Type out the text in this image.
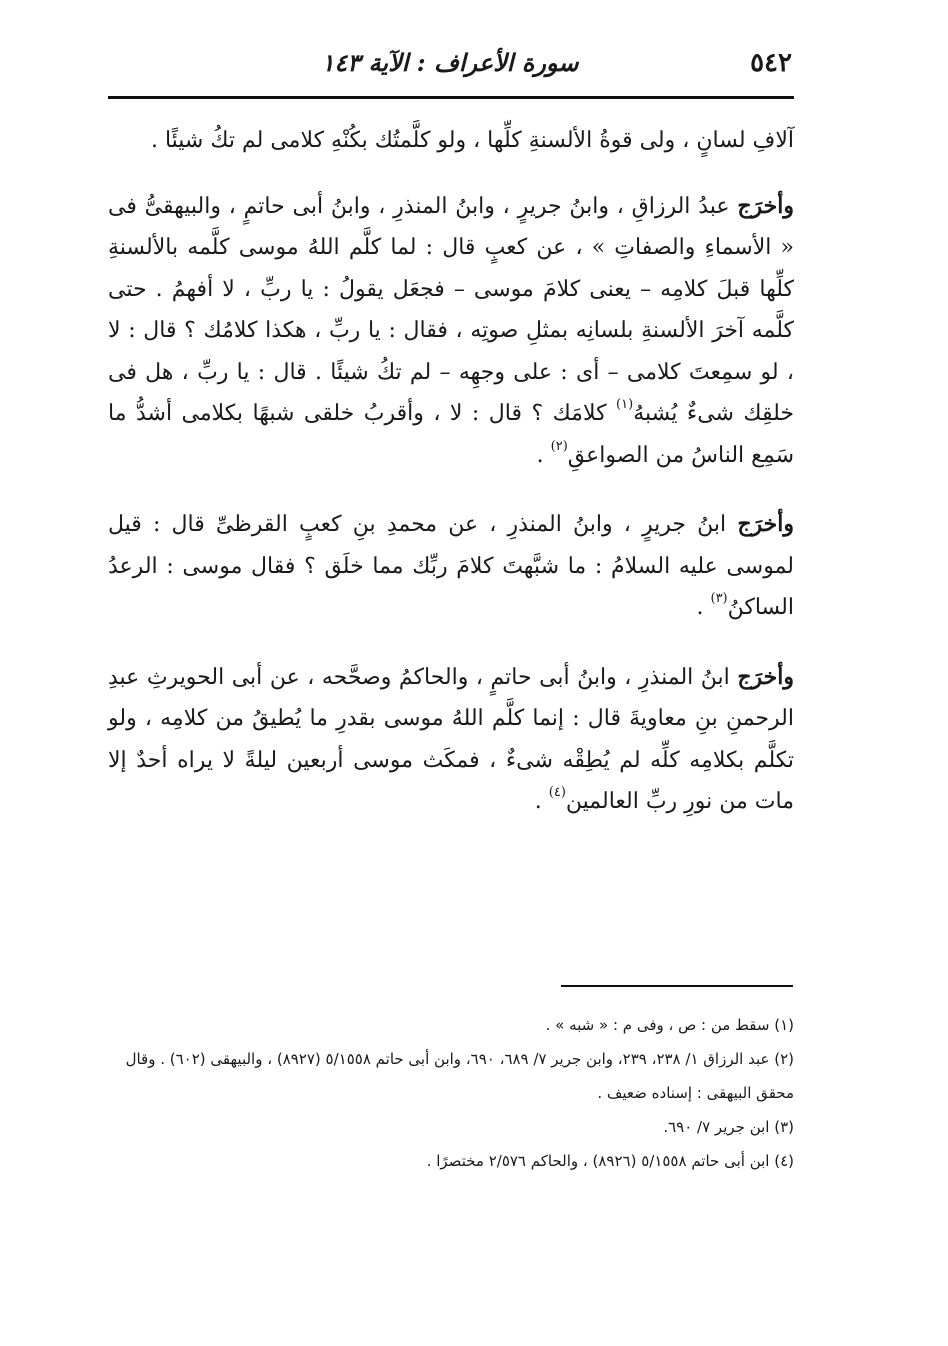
٥٤٢
سورة الأعراف : الآية ١٤٣

آلافِ لسانٍ ، ولى قوةُ الألسنةِ كلِّها ، ولو كلَّمتُك بكُنْهِ كلامى لم تكُ شيئًا .

وأخرَج عبدُ الرزاقِ ، وابنُ جريرٍ ، وابنُ المنذرِ ، وابنُ أبى حاتمٍ ، والبيهقىُّ فى « الأسماءِ والصفاتِ » ، عن كعبٍ قال : لما كلَّم اللهُ موسى كلَّمه بالألسنةِ كلِّها قبلَ كلامِه – يعنى كلامَ موسى – فجعَل يقولُ : يا ربِّ ، لا أفهمُ . حتى كلَّمه آخرَ الألسنةِ بلسانِه بمثلِ صوتِه ، فقال : يا ربِّ ، هكذا كلامُك ؟ قال : لا ، لو سمِعتَ كلامى – أى : على وجهِه – لم تكُ شيئًا . قال : يا ربِّ ، هل فى خلقِك شىءٌ يُشبهُ$^{(١)}$ كلامَك ؟ قال : لا ، وأقربُ خلقى شبهًا بكلامى أشدُّ ما سَمِع الناسُ من الصواعقِ$^{(٢)}$ .

وأخرَج ابنُ جريرٍ ، وابنُ المنذرِ ، عن محمدِ بنِ كعبٍ القرظىِّ قال : قيل لموسى عليه السلامُ : ما شبَّهتَ كلامَ ربِّك مما خلَق ؟ فقال موسى : الرعدُ الساكنُ$^{(٣)}$ .

وأخرَج ابنُ المنذرِ ، وابنُ أبى حاتمٍ ، والحاكمُ وصحَّحه ، عن أبى الحويرثِ عبدِ الرحمنِ بنِ معاويةَ قال : إنما كلَّم اللهُ موسى بقدرِ ما يُطيقُ من كلامِه ، ولو تكلَّم بكلامِه كلِّه لم يُطِقْه شىءٌ ، فمكَث موسى أربعين ليلةً لا يراه أحدٌ إلا مات من نورِ ربِّ العالمين$^{(٤)}$ .

(١) سقط من : ص ، وفى م : « شبه » .

(٢) عبد الرزاق ١/ ٢٣٨، ٢٣٩، وابن جرير ٧/ ٦٨٩، ٦٩٠، وابن أبى حاتم ٥/١٥٥٨ (٨٩٢٧) ، والبيهقى (٦٠٢) . وقال محقق البيهقى : إسناده ضعيف .

(٣) ابن جرير ٧/ ٦٩٠.

(٤) ابن أبى حاتم ٥/١٥٥٨ (٨٩٢٦) ، والحاكم ٢/٥٧٦ مختصرًا .
